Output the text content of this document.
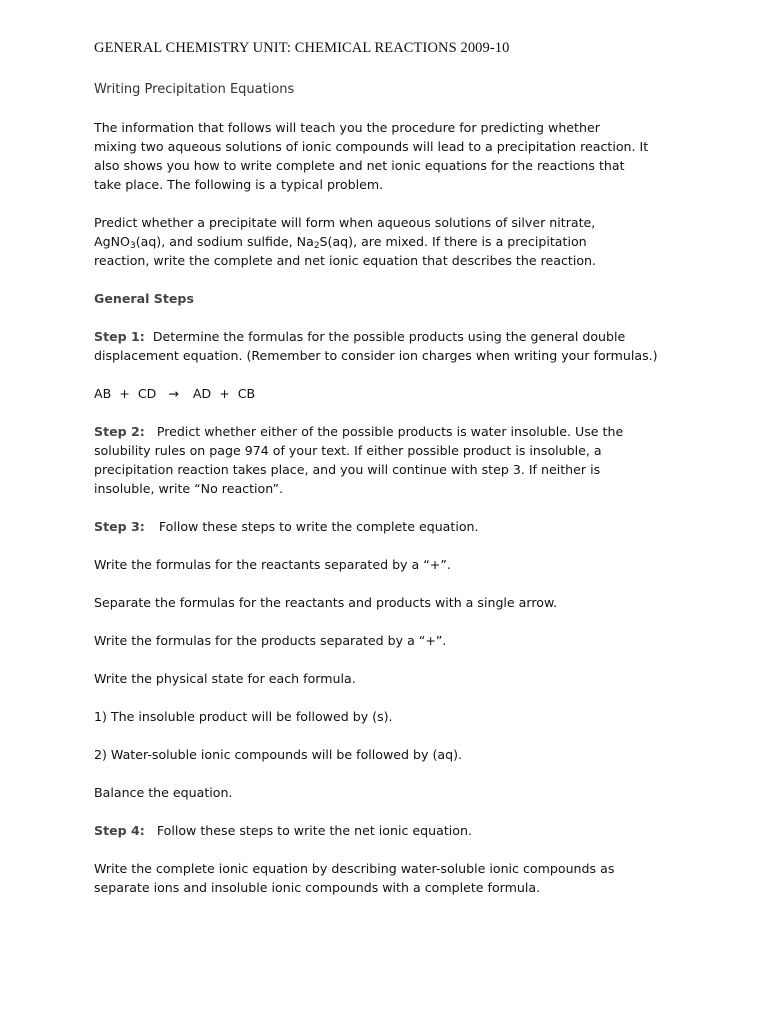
GENERAL CHEMISTRY UNIT: CHEMICAL REACTIONS 2009-10
Writing Precipitation Equations

The information that follows will teach you the procedure for predicting whether

mixing two aqueous solutions of ionic compounds will lead to a precipitation reaction. It

also shows you how to write complete and net ionic equations for the reactions that

take place. The following is a typical problem.

Predict whether a precipitate will form when aqueous solutions of silver nitrate,

AgNO$_3$(aq), and sodium sulfide, $Na_2S(aq)$, are mixed. If there is a precipitation

reaction, write the complete and net ionic equation that describes the reaction.

General Steps

Step 1: Determine the formulas for the possible products using the general double

displacement equation. (Remember to consider ion charges when writing your formulas.)

AB  +  CD → AD  +  CB

Step 2: Predict whether either of the possible products is water insoluble. Use the

solubility rules on page 974 of your text. If either possible product is insoluble, a

precipitation reaction takes place, and you will continue with step 3. If neither is

insoluble, write “No reaction”.

Step 3: Follow these steps to write the complete equation.

Write the formulas for the reactants separated by a “+”.

Separate the formulas for the reactants and products with a single arrow.

Write the formulas for the products separated by a “+”.

Write the physical state for each formula.

1) The insoluble product will be followed by (s).

2) Water-soluble ionic compounds will be followed by (aq).

Balance the equation.

Step 4: Follow these steps to write the net ionic equation.

Write the complete ionic equation by describing water-soluble ionic compounds as

separate ions and insoluble ionic compounds with a complete formula.
